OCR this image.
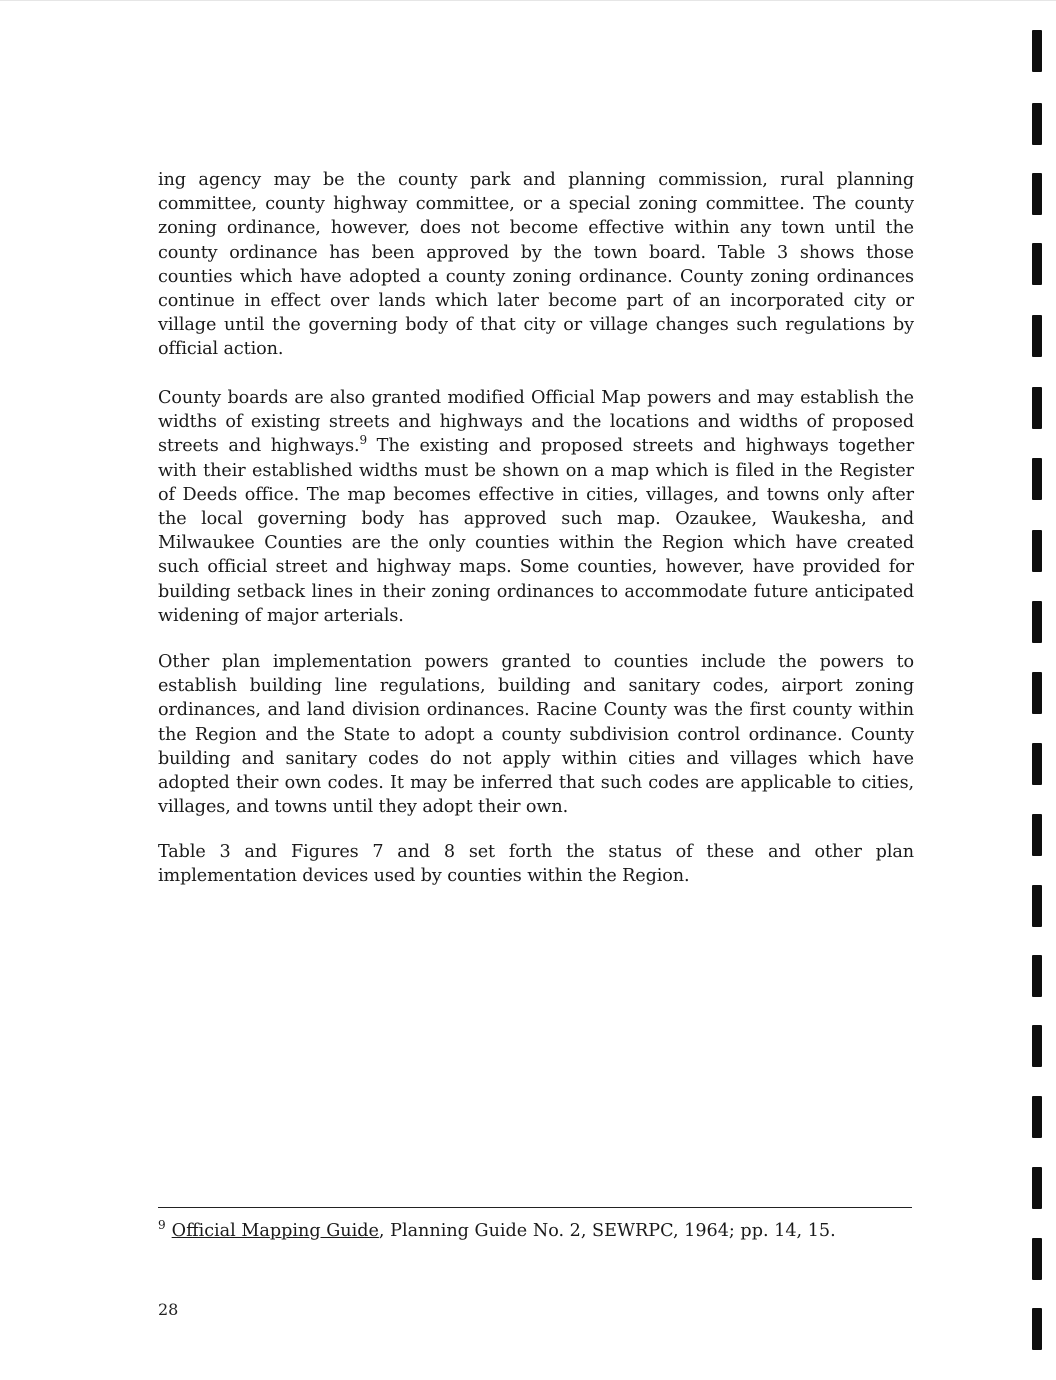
ing agency may be the county park and planning commission, rural planning committee, county highway committee, or a special zoning committee. The county zoning ordinance, however, does not become effective within any town until the county ordinance has been approved by the town board. Table 3 shows those counties which have adopted a county zoning ordinance. County zoning ordinances continue in effect over lands which later become part of an incorporated city or village until the governing body of that city or village changes such regulations by official action.

County boards are also granted modified Official Map powers and may establish the widths of existing streets and highways and the locations and widths of proposed streets and highways.$^9$ The existing and proposed streets and highways together with their established widths must be shown on a map which is filed in the Register of Deeds office. The map becomes effective in cities, villages, and towns only after the local governing body has approved such map. Ozaukee, Waukesha, and Milwaukee Counties are the only counties within the Region which have created such official street and highway maps. Some counties, however, have provided for building setback lines in their zoning ordinances to accommodate future anticipated widening of major arterials.

Other plan implementation powers granted to counties include the powers to establish building line regulations, building and sanitary codes, airport zoning ordinances, and land division ordinances. Racine County was the first county within the Region and the State to adopt a county subdivision control ordinance. County building and sanitary codes do not apply within cities and villages which have adopted their own codes. It may be inferred that such codes are applicable to cities, villages, and towns until they adopt their own.

Table 3 and Figures 7 and 8 set forth the status of these and other plan implementation devices used by counties within the Region.

$^9$ Official Mapping Guide, Planning Guide No. 2, SEWRPC, 1964; pp. 14, 15.
28
